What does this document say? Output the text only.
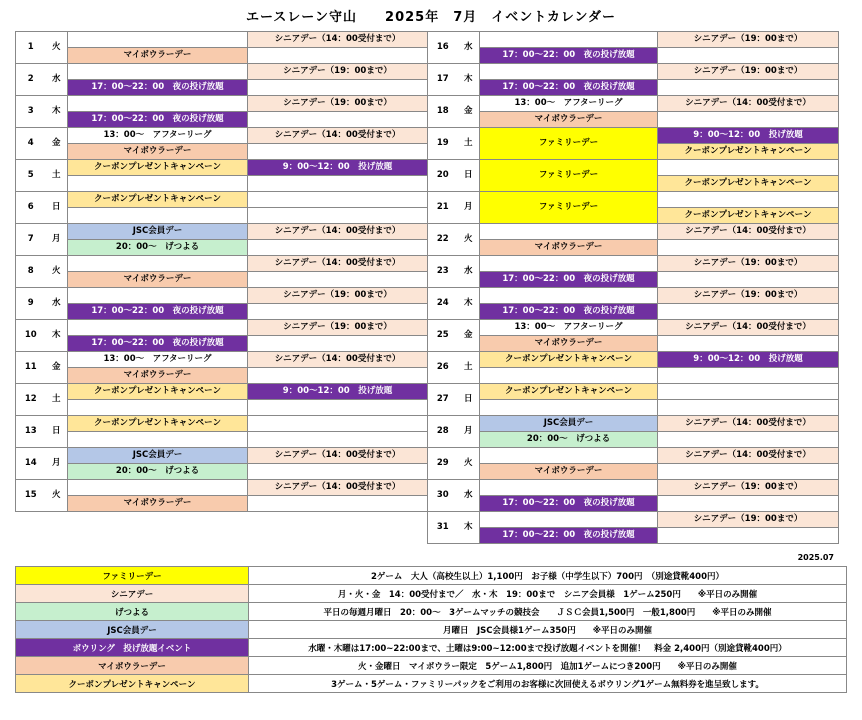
エースレーン守山　　2025年　7月　イベントカレンダー
1	火		シニアデー（14：00受付まで）
		マイボウラーデー	
2	水		シニアデー（19：00まで）
		17：00～22：00　夜の投げ放題	
3	木		シニアデー（19：00まで）
		17：00～22：00　夜の投げ放題	
4	金	13：00～　アフターリーグ	シニアデー（14：00受付まで）
		マイボウラーデー	
5	土	クーポンプレゼントキャンペーン	9：00～12：00　投げ放題

6	日	クーポンプレゼントキャンペーン	

7	月	JSC会員デー	シニアデー（14：00受付まで）
		20：00～　げつよる	
8	火		シニアデー（14：00受付まで）
		マイボウラーデー	
9	水		シニアデー（19：00まで）
		17：00～22：00　夜の投げ放題	
10	木		シニアデー（19：00まで）
		17：00～22：00　夜の投げ放題	
11	金	13：00～　アフターリーグ	シニアデー（14：00受付まで）
		マイボウラーデー	
12	土	クーポンプレゼントキャンペーン	9：00～12：00　投げ放題

13	日	クーポンプレゼントキャンペーン	

14	月	JSC会員デー	シニアデー（14：00受付まで）
		20：00～　げつよる	
15	火		シニアデー（14：00受付まで）
		マイボウラーデー	
16	水		シニアデー（19：00まで）
		17：00～22：00　夜の投げ放題	
17	木		シニアデー（19：00まで）
		17：00～22：00　夜の投げ放題	
18	金	13：00～　アフターリーグ	シニアデー（14：00受付まで）
		マイボウラーデー	
19	土	ファミリーデー	9：00～12：00　投げ放題
			クーポンプレゼントキャンペーン
20	日	ファミリーデー	
			クーポンプレゼントキャンペーン
21	月	ファミリーデー	
			クーポンプレゼントキャンペーン
22	火		シニアデー（14：00受付まで）
		マイボウラーデー	
23	水		シニアデー（19：00まで）
		17：00～22：00　夜の投げ放題	
24	木		シニアデー（19：00まで）
		17：00～22：00　夜の投げ放題	
25	金	13：00～　アフターリーグ	シニアデー（14：00受付まで）
		マイボウラーデー	
26	土	クーポンプレゼントキャンペーン	9：00～12：00　投げ放題

27	日	クーポンプレゼントキャンペーン	

28	月	JSC会員デー	シニアデー（14：00受付まで）
		20：00～　げつよる	
29	火		シニアデー（14：00受付まで）
		マイボウラーデー	
30	水		シニアデー（19：00まで）
		17：00～22：00　夜の投げ放題	
31	木		シニアデー（19：00まで）
		17：00～22：00　夜の投げ放題	
2025.07
ファミリーデー	2ゲーム　大人（高校生以上）1,100円　お子様（中学生以下）700円　（別途貸靴400円）
シニアデー	月・火・金　14：00受付まで／　水・木　19：00まで　シニア会員様　1ゲーム250円　　※平日のみ開催
げつよる	平日の毎週月曜日　20：00～　3ゲームマッチの競技会　　ＪＳＣ会員1,500円　一般1,800円　　※平日のみ開催
JSC会員デー	月曜日　JSC会員様1ゲーム350円　　※平日のみ開催
ボウリング　投げ放題イベント	水曜・木曜は17:00~22:00まで、土曜は9:00~12:00まで投げ放題イベントを開催！　料金 2,400円（別途貸靴400円）
マイボウラーデー	火・金曜日　マイボウラー限定　5ゲーム1,800円　追加1ゲームにつき200円　　※平日のみ開催
クーポンプレゼントキャンペーン	3ゲーム・5ゲーム・ファミリーパックをご利用のお客様に次回使えるボウリング1ゲーム無料券を進呈致します。
